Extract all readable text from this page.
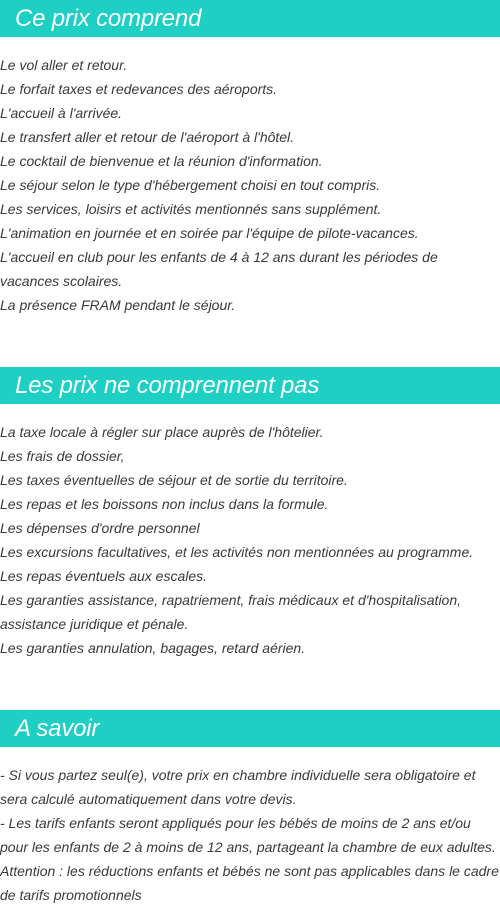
Ce prix comprend

Le vol aller et retour.

Le forfait taxes et redevances des aéroports.

L'accueil à l'arrivée.

Le transfert aller et retour de l'aéroport à l'hôtel.

Le cocktail de bienvenue et la réunion d'information.

Le séjour selon le type d'hébergement choisi en tout compris.

Les services, loisirs et activités mentionnés sans supplément.

L'animation en journée et en soirée par l'équipe de pilote-vacances.

L'accueil en club pour les enfants de 4 à 12 ans durant les périodes de vacances scolaires.

La présence FRAM pendant le séjour.

Les prix ne comprennent pas

La taxe locale à régler sur place auprès de l'hôtelier.

Les frais de dossier,

Les taxes éventuelles de séjour et de sortie du territoire.

Les repas et les boissons non inclus dans la formule.

Les dépenses d'ordre personnel

Les excursions facultatives, et les activités non mentionnées au programme.

Les repas éventuels aux escales.

Les garanties assistance, rapatriement, frais médicaux et d'hospitalisation, assistance juridique et pénale.

Les garanties annulation, bagages, retard aérien.

A savoir

- Si vous partez seul(e), votre prix en chambre individuelle sera obligatoire et sera calculé automatiquement dans votre devis.

- Les tarifs enfants seront appliqués pour les bébés de moins de 2 ans et/ou pour les enfants de 2 à moins de 12 ans, partageant la chambre de eux adultes.

Attention : les réductions enfants et bébés ne sont pas applicables dans le cadre de tarifs promotionnels
